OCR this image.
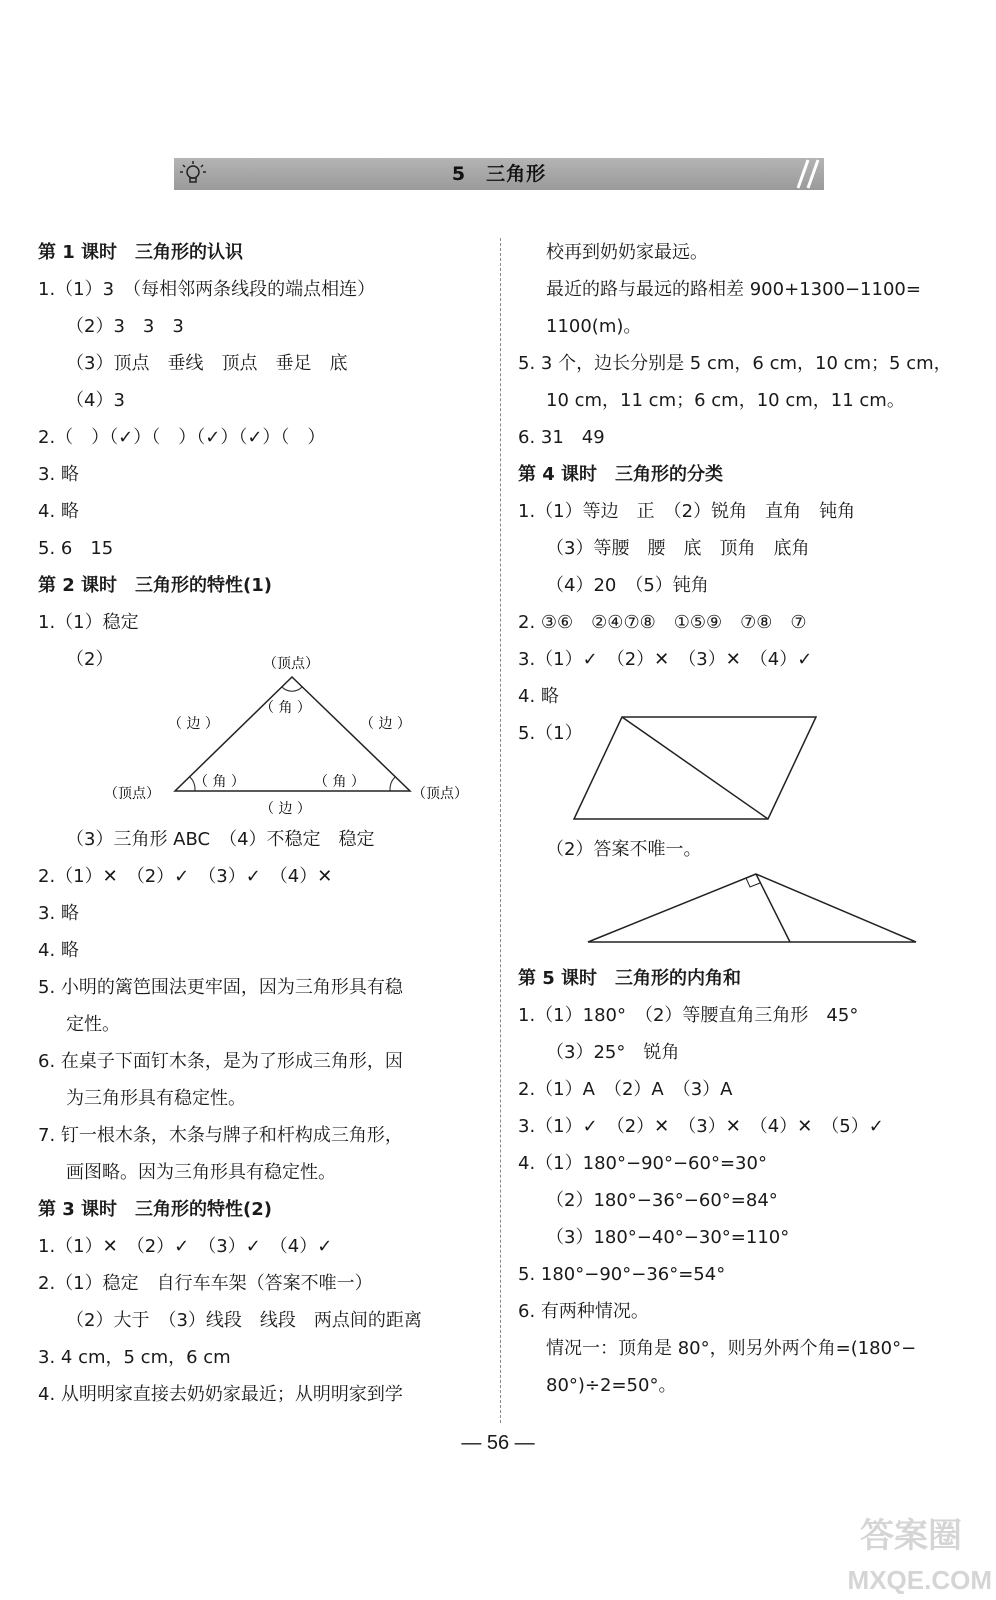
5　三角形
第 1 课时　三角形的认识
1.（1）3　（每相邻两条线段的端点相连）
（2）3　3　3
（3）顶点　垂线　顶点　垂足　底
（4）3
2.（　）（✓）（　）（✓）（✓）（　）
3. 略
4. 略
5. 6　15
第 2 课时　三角形的特性(1)
1.（1）稳定
（2）	（顶点）
（ 角 ）
（ 边 ）	（ 边 ）
（顶点）
（ 角 ）	（ 角 ）
（顶点）
（ 边 ）
（3）三角形 ABC　（4）不稳定　稳定
2.（1）✕　（2）✓　（3）✓　（4）✕
3. 略
4. 略
5. 小明的篱笆围法更牢固，因为三角形具有稳
定性。
6. 在桌子下面钉木条，是为了形成三角形，因
为三角形具有稳定性。
7. 钉一根木条，木条与牌子和杆构成三角形，
画图略。因为三角形具有稳定性。
第 3 课时　三角形的特性(2)
1.（1）✕　（2）✓　（3）✓　（4）✓
2.（1）稳定　自行车车架（答案不唯一）
（2）大于　（3）线段　线段　两点间的距离
3. 4 cm，5 cm，6 cm
4. 从明明家直接去奶奶家最近；从明明家到学
校再到奶奶家最远。
最近的路与最远的路相差 900+1300−1100=
1100(m)。
5. 3 个，边长分别是 5 cm，6 cm，10 cm；5 cm，
10 cm，11 cm；6 cm，10 cm，11 cm。
6. 31　49
第 4 课时　三角形的分类
1.（1）等边　正　（2）锐角　直角　钝角
（3）等腰　腰　底　顶角　底角
（4）20　（5）钝角
2. ③⑥　②④⑦⑧　①⑤⑨　⑦⑧　⑦
3.（1）✓　（2）✕　（3）✕　（4）✓
4. 略
5.（1）
（2）答案不唯一。
第 5 课时　三角形的内角和
1.（1）180°　（2）等腰直角三角形　45°
（3）25°　锐角
2.（1）A　（2）A　（3）A
3.（1）✓　（2）✕　（3）✕　（4）✕　（5）✓
4.（1）180°−90°−60°=30°
（2）180°−36°−60°=84°
（3）180°−40°−30°=110°
5. 180°−90°−36°=54°
6. 有两种情况。
情况一：顶角是 80°，则另外两个角=(180°−
80°)÷2=50°。
— 56 —
答案圈
MXQE.COM
